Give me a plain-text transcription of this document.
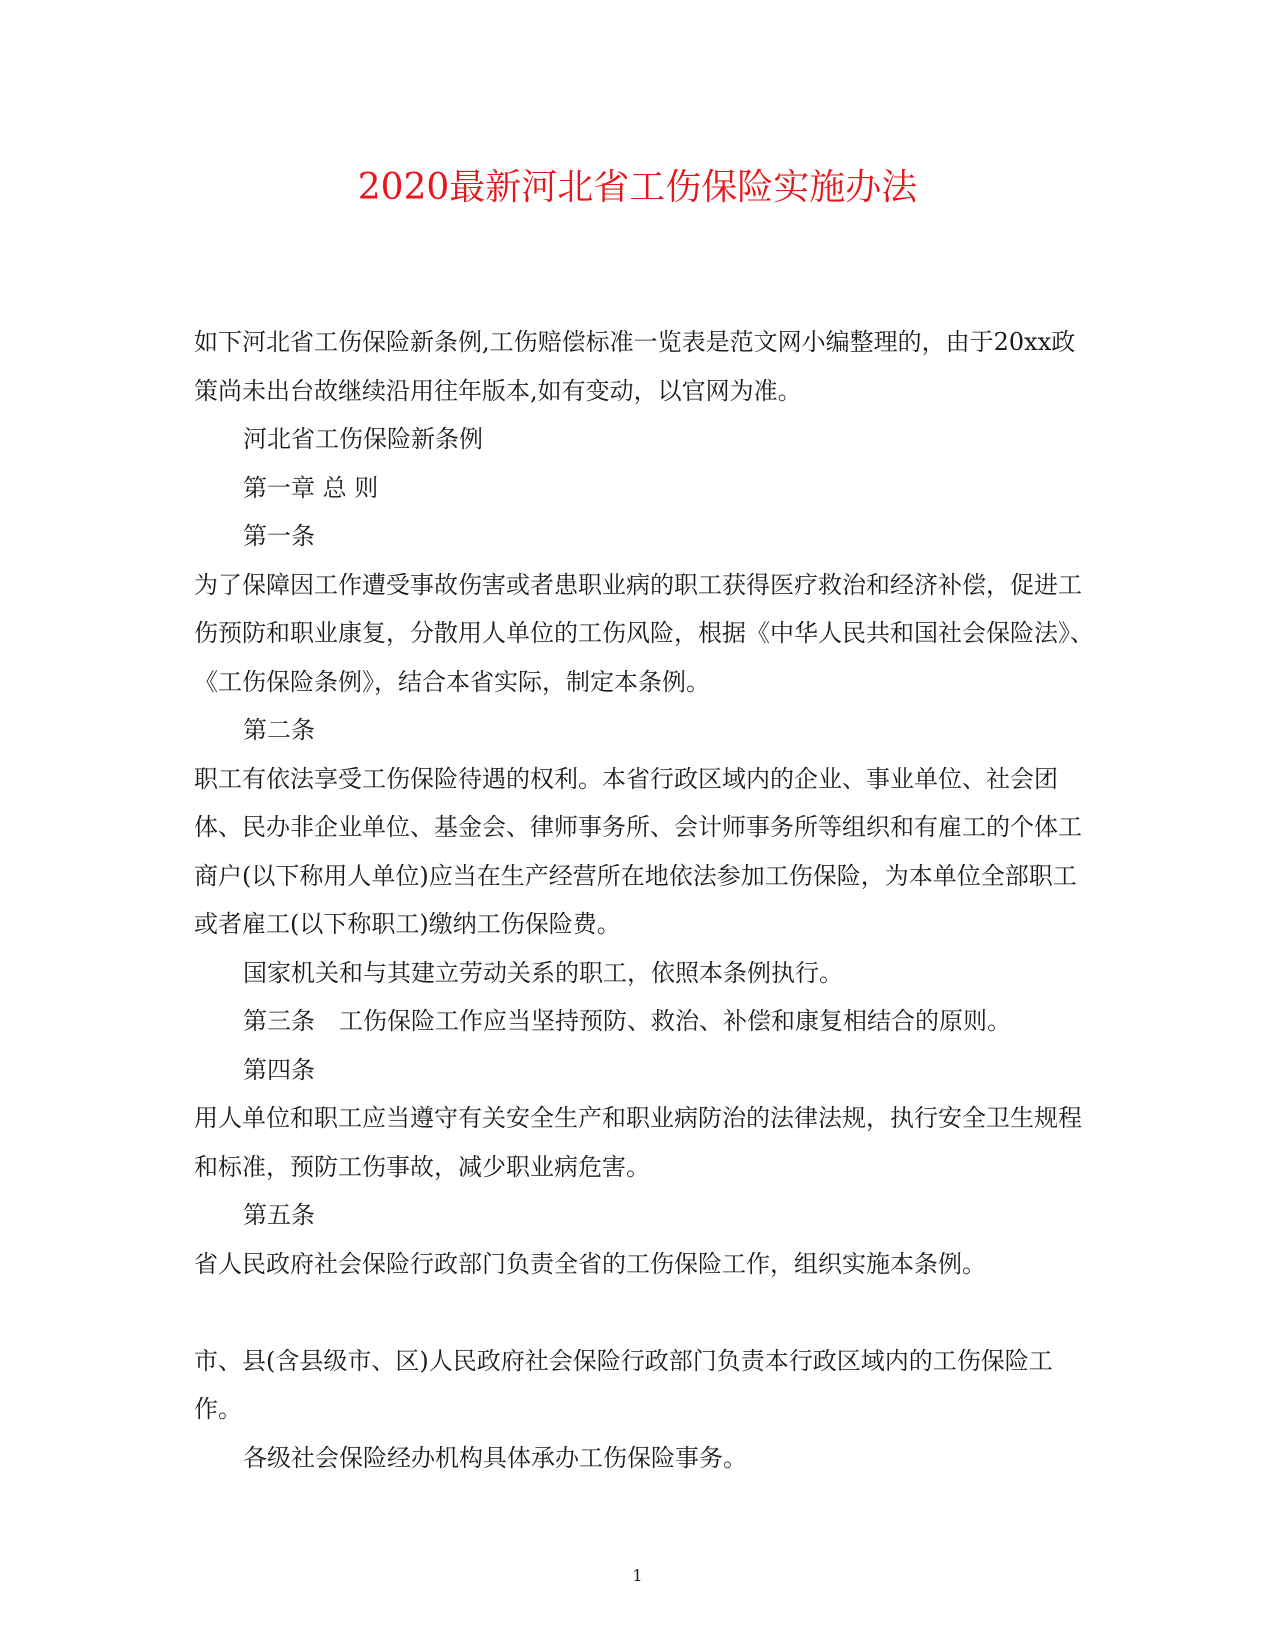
2020最新河北省工伤保险实施办法

如下河北省工伤保险新条例,工伤赔偿标准一览表是范文网小编整理的，由于20xx政策尚未出台故继续沿用往年版本,如有变动，以官网为准。

河北省工伤保险新条例

第一章 总 则

第一条

为了保障因工作遭受事故伤害或者患职业病的职工获得医疗救治和经济补偿，促进工伤预防和职业康复，分散用人单位的工伤风险，根据《中华人民共和国社会保险法》、《工伤保险条例》，结合本省实际，制定本条例。

第二条

职工有依法享受工伤保险待遇的权利。本省行政区域内的企业、事业单位、社会团体、民办非企业单位、基金会、律师事务所、会计师事务所等组织和有雇工的个体工商户(以下称用人单位)应当在生产经营所在地依法参加工伤保险，为本单位全部职工或者雇工(以下称职工)缴纳工伤保险费。

国家机关和与其建立劳动关系的职工，依照本条例执行。

第三条　工伤保险工作应当坚持预防、救治、补偿和康复相结合的原则。

第四条

用人单位和职工应当遵守有关安全生产和职业病防治的法律法规，执行安全卫生规程和标准，预防工伤事故，减少职业病危害。

第五条

省人民政府社会保险行政部门负责全省的工伤保险工作，组织实施本条例。

市、县(含县级市、区)人民政府社会保险行政部门负责本行政区域内的工伤保险工作。

各级社会保险经办机构具体承办工伤保险事务。

1
